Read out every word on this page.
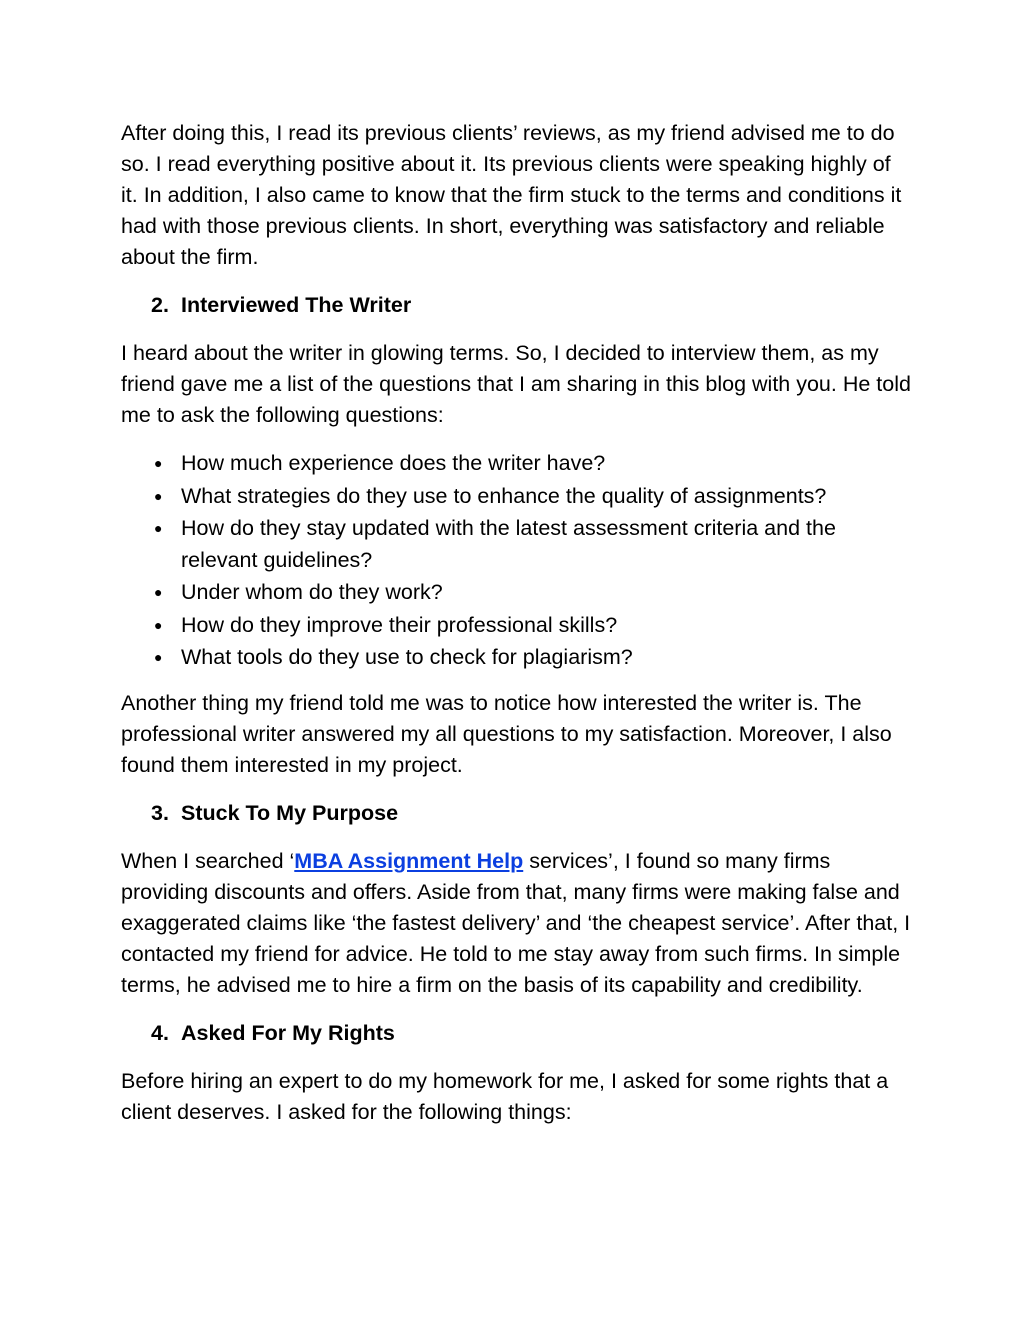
After doing this, I read its previous clients’ reviews, as my friend advised me to do so. I read everything positive about it. Its previous clients were speaking highly of it. In addition, I also came to know that the firm stuck to the terms and conditions it had with those previous clients. In short, everything was satisfactory and reliable about the firm.

2. Interviewed The Writer

I heard about the writer in glowing terms. So, I decided to interview them, as my friend gave me a list of the questions that I am sharing in this blog with you. He told me to ask the following questions:

● How much experience does the writer have?
● What strategies do they use to enhance the quality of assignments?
● How do they stay updated with the latest assessment criteria and the relevant guidelines?
● Under whom do they work?
● How do they improve their professional skills?
● What tools do they use to check for plagiarism?

Another thing my friend told me was to notice how interested the writer is. The professional writer answered my all questions to my satisfaction. Moreover, I also found them interested in my project.

3. Stuck To My Purpose

When I searched ‘MBA Assignment Help services’, I found so many firms providing discounts and offers. Aside from that, many firms were making false and exaggerated claims like ‘the fastest delivery’ and ‘the cheapest service’. After that, I contacted my friend for advice. He told to me stay away from such firms. In simple terms, he advised me to hire a firm on the basis of its capability and credibility.

4. Asked For My Rights

Before hiring an expert to do my homework for me, I asked for some rights that a client deserves. I asked for the following things:
